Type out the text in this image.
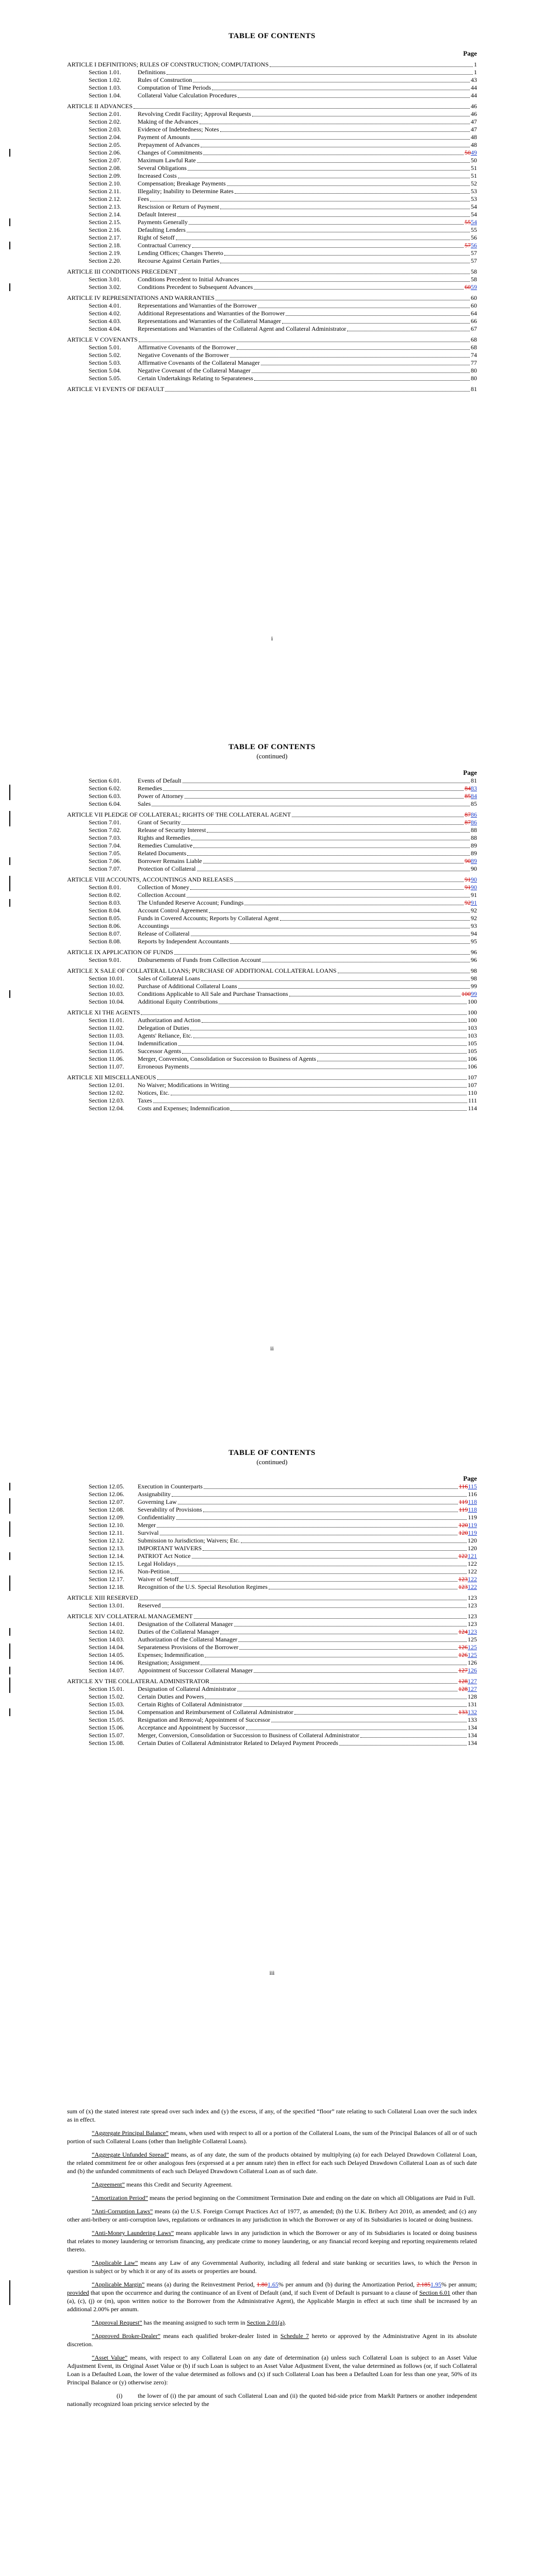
TABLE OF CONTENTS
Page
ARTICLE I DEFINITIONS; RULES OF CONSTRUCTION; COMPUTATIONS	1
Section 1.01.	Definitions	1
Section 1.02.	Rules of Construction	43
Section 1.03.	Computation of Time Periods	44
Section 1.04.	Collateral Value Calculation Procedures	44
ARTICLE II ADVANCES	46
Section 2.01.	Revolving Credit Facility; Approval Requests	46
Section 2.02.	Making of the Advances	47
Section 2.03.	Evidence of Indebtedness; Notes	47
Section 2.04.	Payment of Amounts	48
Section 2.05.	Prepayment of Advances	48
Section 2.06.	Changes of Commitments	5049
Section 2.07.	Maximum Lawful Rate	50
Section 2.08.	Several Obligations	51
Section 2.09.	Increased Costs	51
Section 2.10.	Compensation; Breakage Payments	52
Section 2.11.	Illegality; Inability to Determine Rates	53
Section 2.12.	Fees	53
Section 2.13.	Rescission or Return of Payment	54
Section 2.14.	Default Interest	54
Section 2.15.	Payments Generally	5554
Section 2.16.	Defaulting Lenders	55
Section 2.17.	Right of Setoff	56
Section 2.18.	Contractual Currency	5756
Section 2.19.	Lending Offices; Changes Thereto	57
Section 2.20.	Recourse Against Certain Parties	57
ARTICLE III CONDITIONS PRECEDENT	58
Section 3.01.	Conditions Precedent to Initial Advances	58
Section 3.02.	Conditions Precedent to Subsequent Advances	6059
ARTICLE IV REPRESENTATIONS AND WARRANTIES	60
Section 4.01.	Representations and Warranties of the Borrower	60
Section 4.02.	Additional Representations and Warranties of the Borrower	64
Section 4.03.	Representations and Warranties of the Collateral Manager	66
Section 4.04.	Representations and Warranties of the Collateral Agent and Collateral Administrator	67
ARTICLE V COVENANTS	68
Section 5.01.	Affirmative Covenants of the Borrower	68
Section 5.02.	Negative Covenants of the Borrower	74
Section 5.03.	Affirmative Covenants of the Collateral Manager	77
Section 5.04.	Negative Covenant of the Collateral Manager	80
Section 5.05.	Certain Undertakings Relating to Separateness	80
ARTICLE VI EVENTS OF DEFAULT	81
i
TABLE OF CONTENTS
(continued)
Page
Section 6.01.	Events of Default	81
Section 6.02.	Remedies	8483
Section 6.03.	Power of Attorney	8584
Section 6.04.	Sales	85
ARTICLE VII PLEDGE OF COLLATERAL; RIGHTS OF THE COLLATERAL AGENT	8786
Section 7.01.	Grant of Security	8786
Section 7.02.	Release of Security Interest	88
Section 7.03.	Rights and Remedies	88
Section 7.04.	Remedies Cumulative	89
Section 7.05.	Related Documents	89
Section 7.06.	Borrower Remains Liable	9089
Section 7.07.	Protection of Collateral	90
ARTICLE VIII ACCOUNTS, ACCOUNTINGS AND RELEASES	9190
Section 8.01.	Collection of Money	9190
Section 8.02.	Collection Account	91
Section 8.03.	The Unfunded Reserve Account; Fundings	9291
Section 8.04.	Account Control Agreement	92
Section 8.05.	Funds in Covered Accounts; Reports by Collateral Agent	92
Section 8.06.	Accountings	93
Section 8.07.	Release of Collateral	94
Section 8.08.	Reports by Independent Accountants	95
ARTICLE IX APPLICATION OF FUNDS	96
Section 9.01.	Disbursements of Funds from Collection Account	96
ARTICLE X SALE OF COLLATERAL LOANS; PURCHASE OF ADDITIONAL COLLATERAL LOANS	98
Section 10.01.	Sales of Collateral Loans	98
Section 10.02.	Purchase of Additional Collateral Loans	99
Section 10.03.	Conditions Applicable to All Sale and Purchase Transactions	10099
Section 10.04.	Additional Equity Contributions	100
ARTICLE XI THE AGENTS	100
Section 11.01.	Authorization and Action	100
Section 11.02.	Delegation of Duties	103
Section 11.03.	Agents' Reliance, Etc.	103
Section 11.04.	Indemnification	105
Section 11.05.	Successor Agents	105
Section 11.06.	Merger, Conversion, Consolidation or Succession to Business of Agents	106
Section 11.07.	Erroneous Payments	106
ARTICLE XII MISCELLANEOUS	107
Section 12.01.	No Waiver; Modifications in Writing	107
Section 12.02.	Notices, Etc.	110
Section 12.03.	Taxes	111
Section 12.04.	Costs and Expenses; Indemnification	114
ii
TABLE OF CONTENTS
(continued)
Page
Section 12.05.	Execution in Counterparts	116115
Section 12.06.	Assignability	116
Section 12.07.	Governing Law	119118
Section 12.08.	Severability of Provisions	119118
Section 12.09.	Confidentiality	119
Section 12.10.	Merger	120119
Section 12.11.	Survival	120119
Section 12.12.	Submission to Jurisdiction; Waivers; Etc.	120
Section 12.13.	IMPORTANT WAIVERS	120
Section 12.14.	PATRIOT Act Notice	122121
Section 12.15.	Legal Holidays	122
Section 12.16.	Non-Petition	122
Section 12.17.	Waiver of Setoff	123122
Section 12.18.	Recognition of the U.S. Special Resolution Regimes	123122
ARTICLE XIII RESERVED	123
Section 13.01.	Reserved	123
ARTICLE XIV COLLATERAL MANAGEMENT	123
Section 14.01.	Designation of the Collateral Manager	123
Section 14.02.	Duties of the Collateral Manager	124123
Section 14.03.	Authorization of the Collateral Manager	125
Section 14.04.	Separateness Provisions of the Borrower	126125
Section 14.05.	Expenses; Indemnification	126125
Section 14.06.	Resignation; Assignment	126
Section 14.07.	Appointment of Successor Collateral Manager	127126
ARTICLE XV THE COLLATERAL ADMINISTRATOR	128127
Section 15.01.	Designation of Collateral Administrator	128127
Section 15.02.	Certain Duties and Powers	128
Section 15.03.	Certain Rights of Collateral Administrator	131
Section 15.04.	Compensation and Reimbursement of Collateral Administrator	133132
Section 15.05.	Resignation and Removal; Appointment of Successor	133
Section 15.06.	Acceptance and Appointment by Successor	134
Section 15.07.	Merger, Conversion, Consolidation or Succession to Business of Collateral Administrator	134
Section 15.08.	Certain Duties of Collateral Administrator Related to Delayed Payment Proceeds	134
iii

sum of (x) the stated interest rate spread over such index and (y) the excess, if any, of the specified “floor” rate relating to such Collateral Loan over the such index as in effect.

“Aggregate Principal Balance” means, when used with respect to all or a portion of the Collateral Loans, the sum of the Principal Balances of all or of such portion of such Collateral Loans (other than Ineligible Collateral Loans).

“Aggregate Unfunded Spread” means, as of any date, the sum of the products obtained by multiplying (a) for each Delayed Drawdown Collateral Loan, the related commitment fee or other analogous fees (expressed at a per annum rate) then in effect for each such Delayed Drawdown Collateral Loan as of such date and (b) the unfunded commitments of each such Delayed Drawdown Collateral Loan as of such date.

“Agreement” means this Credit and Security Agreement.

“Amortization Period” means the period beginning on the Commitment Termination Date and ending on the date on which all Obligations are Paid in Full.

“Anti-Corruption Laws” means (a) the U.S. Foreign Corrupt Practices Act of 1977, as amended; (b) the U.K. Bribery Act 2010, as amended; and (c) any other anti-bribery or anti-corruption laws, regulations or ordinances in any jurisdiction in which the Borrower or any of its Subsidiaries is located or doing business.

“Anti-Money Laundering Laws” means applicable laws in any jurisdiction in which the Borrower or any of its Subsidiaries is located or doing business that relates to money laundering or terrorism financing, any predicate crime to money laundering, or any financial record keeping and reporting requirements related thereto.

“Applicable Law” means any Law of any Governmental Authority, including all federal and state banking or securities laws, to which the Person in question is subject or by which it or any of its assets or properties are bound.

“Applicable Margin” means (a) during the Reinvestment Period, 1.801.65% per annum and (b) during the Amortization Period, 2.1851.95% per annum; provided that upon the occurrence and during the continuance of an Event of Default (and, if such Event of Default is pursuant to a clause of Section 6.01 other than (a), (c), (j) or (m), upon written notice to the Borrower from the Administrative Agent), the Applicable Margin in effect at such time shall be increased by an additional 2.00% per annum.

“Approval Request” has the meaning assigned to such term in Section 2.01(a).

“Approved Broker-Dealer” means each qualified broker-dealer listed in Schedule 7 hereto or approved by the Administrative Agent in its absolute discretion.

“Asset Value” means, with respect to any Collateral Loan on any date of determination (a) unless such Collateral Loan is subject to an Asset Value Adjustment Event, its Original Asset Value or (b) if such Loan is subject to an Asset Value Adjustment Event, the value determined as follows (or, if such Collateral Loan is a Defaulted Loan, the lower of the value determined as follows and (x) if such Collateral Loan has been a Defaulted Loan for less than one year, 50% of its Principal Balance or (y) otherwise zero):

(i) the lower of (i) the par amount of such Collateral Loan and (ii) the quoted bid-side price from MarkIt Partners or another independent nationally recognized loan pricing service selected by the
